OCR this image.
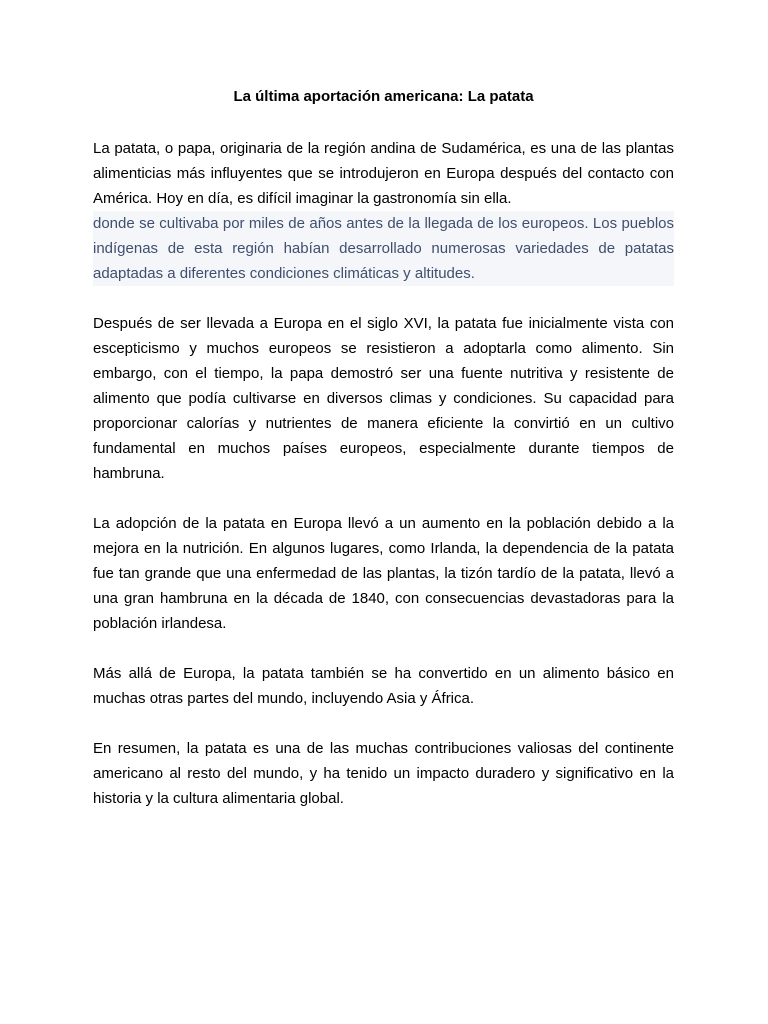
La última aportación americana: La patata
La patata, o papa, originaria de la región andina de Sudamérica, es una de las plantas alimenticias más influyentes que se introdujeron en Europa después del contacto con América. Hoy en día, es difícil imaginar la gastronomía sin ella.
donde se cultivaba por miles de años antes de la llegada de los europeos. Los pueblos indígenas de esta región habían desarrollado numerosas variedades de patatas adaptadas a diferentes condiciones climáticas y altitudes.
Después de ser llevada a Europa en el siglo XVI, la patata fue inicialmente vista con escepticismo y muchos europeos se resistieron a adoptarla como alimento. Sin embargo, con el tiempo, la papa demostró ser una fuente nutritiva y resistente de alimento que podía cultivarse en diversos climas y condiciones. Su capacidad para proporcionar calorías y nutrientes de manera eficiente la convirtió en un cultivo fundamental en muchos países europeos, especialmente durante tiempos de hambruna.
La adopción de la patata en Europa llevó a un aumento en la población debido a la mejora en la nutrición. En algunos lugares, como Irlanda, la dependencia de la patata fue tan grande que una enfermedad de las plantas, la tizón tardío de la patata, llevó a una gran hambruna en la década de 1840, con consecuencias devastadoras para la población irlandesa.
Más allá de Europa, la patata también se ha convertido en un alimento básico en muchas otras partes del mundo, incluyendo Asia y África.
En resumen, la patata es una de las muchas contribuciones valiosas del continente americano al resto del mundo, y ha tenido un impacto duradero y significativo en la historia y la cultura alimentaria global.
